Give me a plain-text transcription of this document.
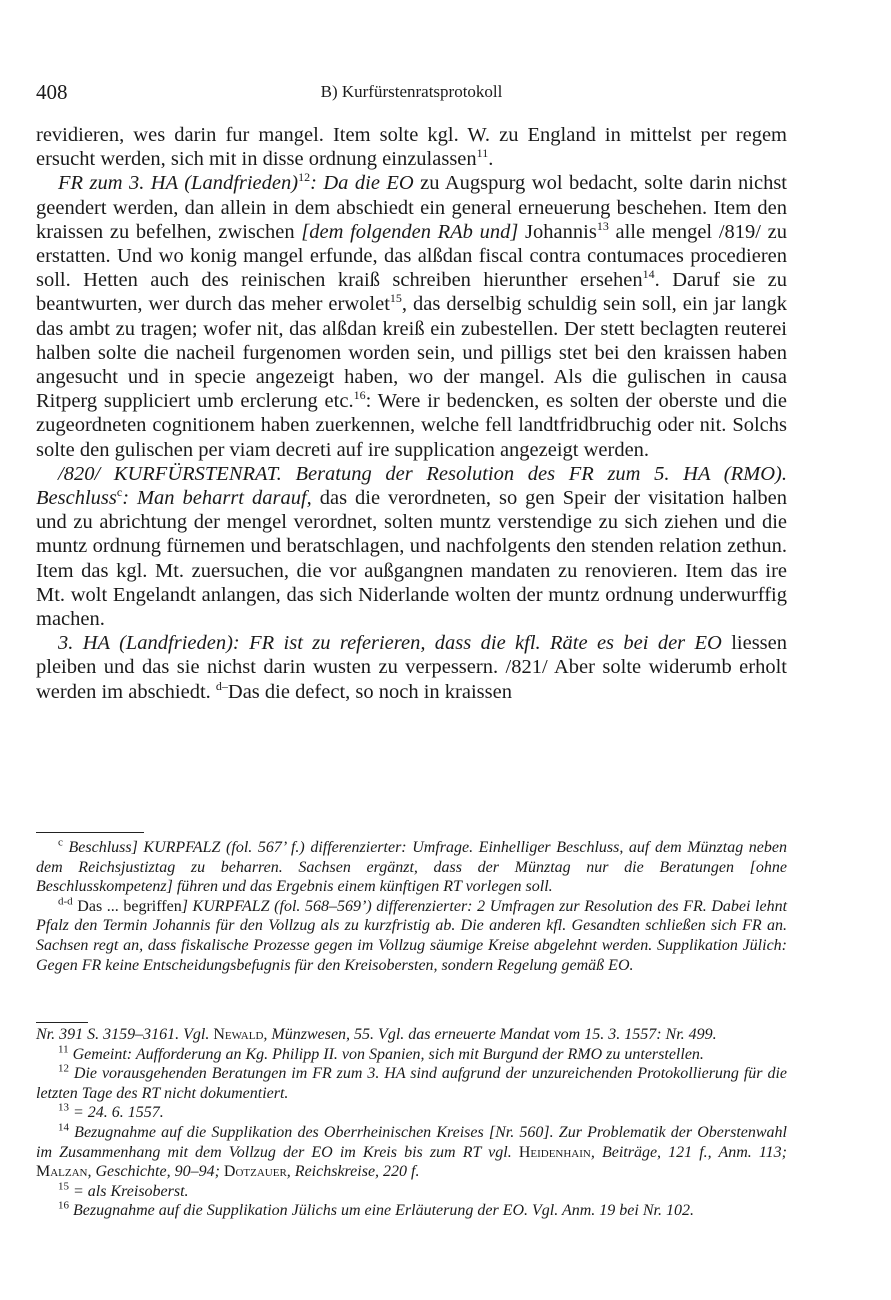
408	B) Kurfürstenratsprotokoll

revidieren, wes darin fur mangel. Item solte kgl. W. zu England in mittelst per regem ersucht werden, sich mit in disse ordnung einzulassen$^{11}$.

FR zum 3. HA (Landfrieden)$^{12}$: Da die EO zu Augspurg wol bedacht, solte darin nichst geendert werden, dan allein in dem abschiedt ein general erneuerung beschehen. Item den kraissen zu befelhen, zwischen [dem folgenden RAb und] Johannis$^{13}$ alle mengel /819/ zu erstatten. Und wo konig mangel erfunde, das alßdan fiscal contra contumaces procedieren soll. Hetten auch des reinischen kraiß schreiben hierunther ersehen$^{14}$. Daruf sie zu beantwurten, wer durch das meher erwolet$^{15}$, das derselbig schuldig sein soll, ein jar langk das ambt zu tragen; wofer nit, das alßdan kreiß ein zubestellen. Der stett beclagten reuterei halben solte die nacheil furgenomen worden sein, und pilligs stet bei den kraissen haben angesucht und in specie angezeigt haben, wo der mangel. Als die gulischen in causa Ritperg suppliciert umb erclerung etc.$^{16}$: Were ir bedencken, es solten der oberste und die zugeordneten cognitionem haben zuerkennen, welche fell landtfridbruchig oder nit. Solchs solte den gulischen per viam decreti auf ire supplication angezeigt werden.

/820/ KURFÜRSTENRAT. Beratung der Resolution des FR zum 5. HA (RMO). Beschluss$^c$: Man beharrt darauf, das die verordneten, so gen Speir der visitation halben und zu abrichtung der mengel verordnet, solten muntz verstendige zu sich ziehen und die muntz ordnung fürnemen und beratschlagen, und nachfolgents den stenden relation zethun. Item das kgl. Mt. zuersuchen, die vor außgangnen mandaten zu renovieren. Item das ire Mt. wolt Engelandt anlangen, das sich Niderlande wolten der muntz ordnung underwurffig machen.

3. HA (Landfrieden): FR ist zu referieren, dass die kfl. Räte es bei der EO liessen pleiben und das sie nichst darin wusten zu verpessern. /821/ Aber solte widerumb erholt werden im abschiedt. $^{d-}$Das die defect, so noch in kraissen

$^c$ Beschluss] KURPFALZ (fol. 567’ f.) differenzierter: Umfrage. Einhelliger Beschluss, auf dem Münztag neben dem Reichsjustiztag zu beharren. Sachsen ergänzt, dass der Münztag nur die Beratungen [ohne Beschlusskompetenz] führen und das Ergebnis einem künftigen RT vorlegen soll.

$^{d-d}$ Das ... begriffen] KURPFALZ (fol. 568–569’) differenzierter: 2 Umfragen zur Resolution des FR. Dabei lehnt Pfalz den Termin Johannis für den Vollzug als zu kurzfristig ab. Die anderen kfl. Gesandten schließen sich FR an. Sachsen regt an, dass fiskalische Prozesse gegen im Vollzug säumige Kreise abgelehnt werden. Supplikation Jülich: Gegen FR keine Entscheidungsbefugnis für den Kreisobersten, sondern Regelung gemäß EO.

Nr. 391 S. 3159–3161. Vgl. Newald, Münzwesen, 55. Vgl. das erneuerte Mandat vom 15. 3. 1557: Nr. 499.

$^{11}$ Gemeint: Aufforderung an Kg. Philipp II. von Spanien, sich mit Burgund der RMO zu unterstellen.

$^{12}$ Die vorausgehenden Beratungen im FR zum 3. HA sind aufgrund der unzureichenden Protokollierung für die letzten Tage des RT nicht dokumentiert.

$^{13}$ = 24. 6. 1557.

$^{14}$ Bezugnahme auf die Supplikation des Oberrheinischen Kreises [Nr. 560]. Zur Problematik der Oberstenwahl im Zusammenhang mit dem Vollzug der EO im Kreis bis zum RT vgl. Heidenhain, Beiträge, 121 f., Anm. 113; Malzan, Geschichte, 90–94; Dotzauer, Reichskreise, 220 f.

$^{15}$ = als Kreisoberst.

$^{16}$ Bezugnahme auf die Supplikation Jülichs um eine Erläuterung der EO. Vgl. Anm. 19 bei Nr. 102.
